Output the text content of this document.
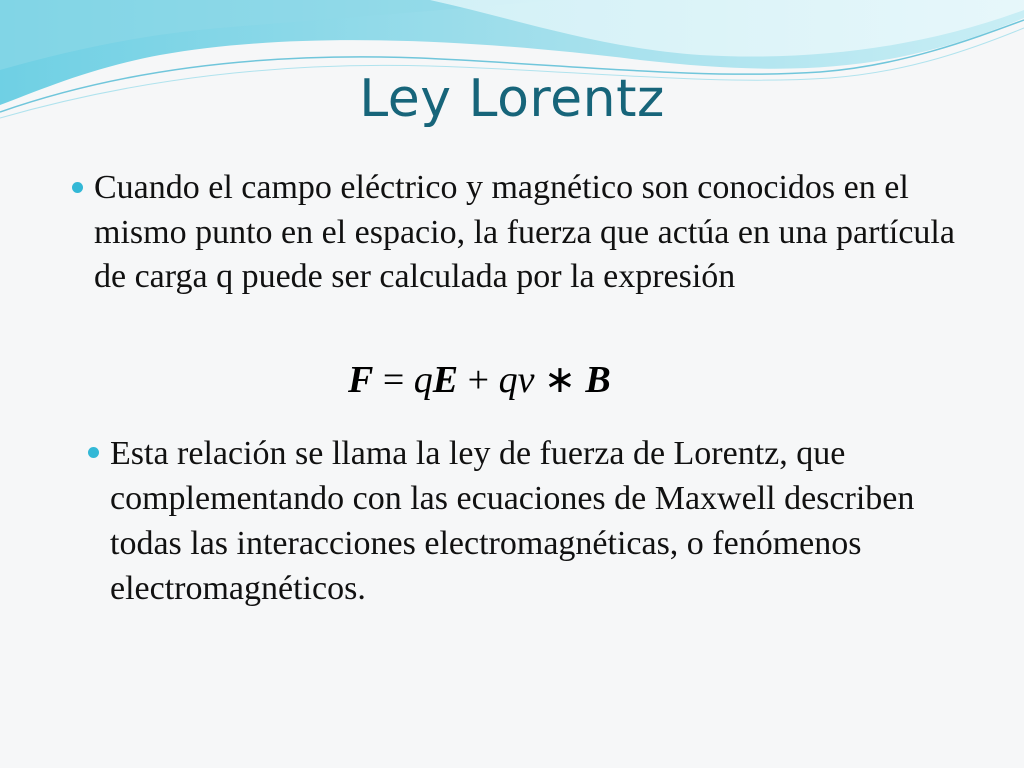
Ley Lorentz
Cuando el campo eléctrico y magnético son conocidos en el mismo punto en el espacio, la fuerza que actúa en una partícula de carga q puede ser calculada por la expresión
F = qE + qv ∗ B
Esta relación se llama la ley de fuerza de Lorentz, que complementando con las ecuaciones de Maxwell describen todas las interacciones electromagnéticas, o fenómenos electromagnéticos.
